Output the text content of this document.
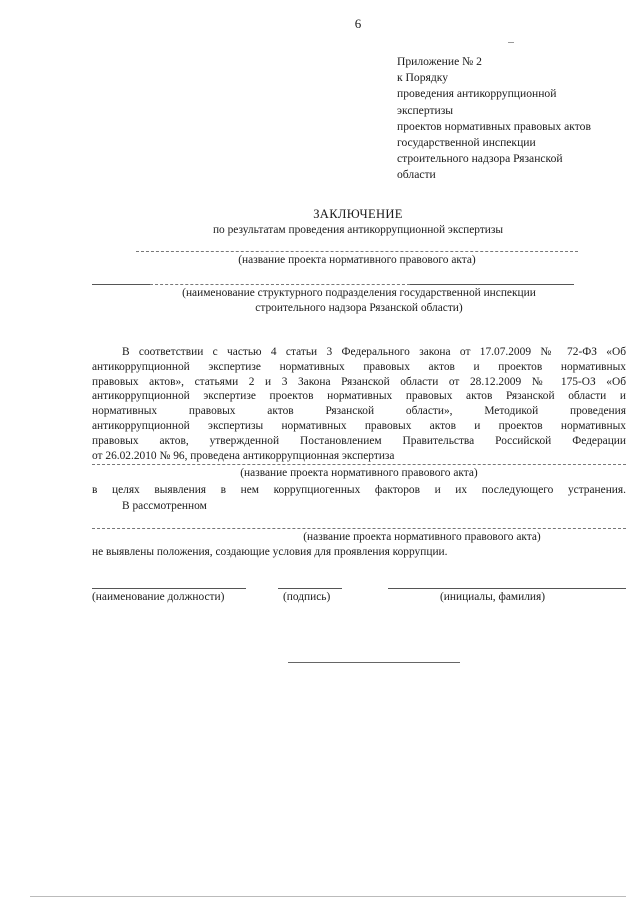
6
Приложение № 2
к Порядку
проведения антикоррупционной
экспертизы
проектов нормативных правовых актов
государственной инспекции
строительного надзора Рязанской
области
ЗАКЛЮЧЕНИЕ
по результатам проведения антикоррупционной экспертизы
(название проекта нормативного правового акта)
(наименование структурного подразделения государственной инспекции
строительного надзора Рязанской области)
В соответствии с частью 4 статьи 3 Федерального закона от 17.07.2009 № 72-ФЗ «Об
антикоррупционной экспертизе нормативных правовых актов и проектов нормативных
правовых актов», статьями 2 и 3 Закона Рязанской области от 28.12.2009 № 175-ОЗ «Об
антикоррупционной экспертизе проектов нормативных правовых актов Рязанской области и
нормативных правовых актов Рязанской области», Методикой проведения
антикоррупционной экспертизы нормативных правовых актов и проектов нормативных
правовых актов, утвержденной Постановлением Правительства Российской Федерации
от 26.02.2010 № 96, проведена антикоррупционная экспертиза
(название проекта нормативного правового акта)
в целях выявления в нем коррупциогенных факторов и их последующего устранения.
В рассмотренном
(название проекта нормативного правового акта)
не выявлены положения, создающие условия для проявления коррупции.
(наименование должности)	(подпись)	(инициалы, фамилия)
